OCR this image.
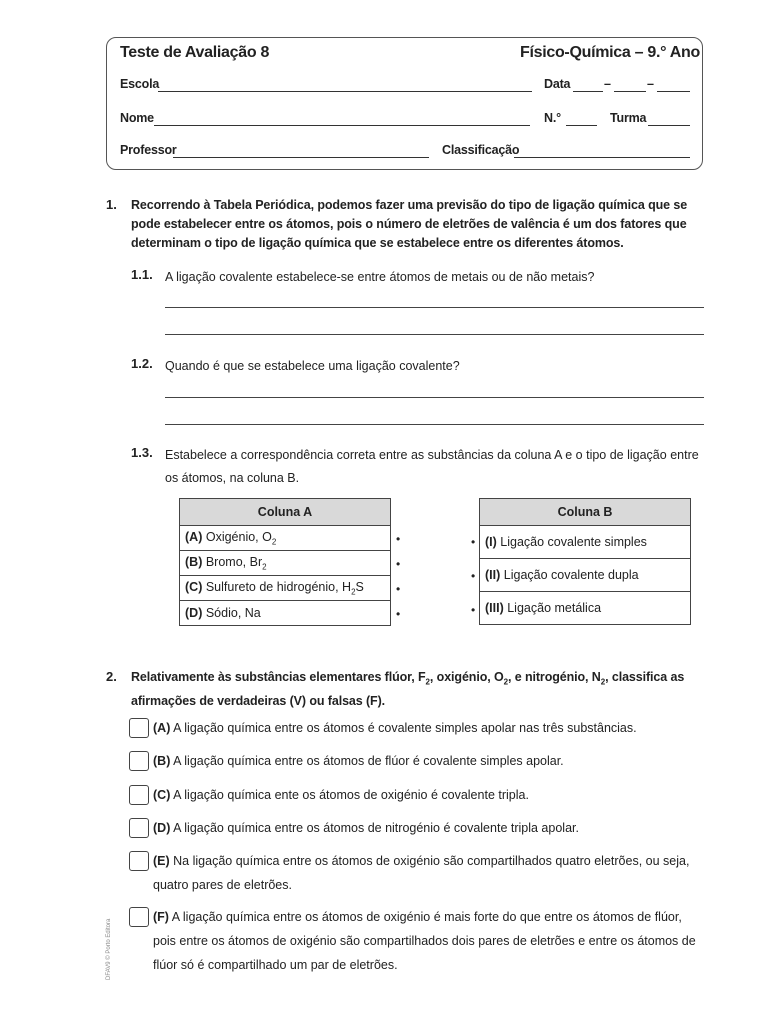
Teste de Avaliação 8	Físico-Química – 9.° Ano
Escola	Data	–	–
Nome	N.°	Turma
Professor	Classificação
1. Recorrendo à Tabela Periódica, podemos fazer uma previsão do tipo de ligação química que se pode estabelecer entre os átomos, pois o número de eletrões de valência é um dos fatores que determinam o tipo de ligação química que se estabelece entre os diferentes átomos.
1.1. A ligação covalente estabelece-se entre átomos de metais ou de não metais?
1.2. Quando é que se estabelece uma ligação covalente?
1.3. Estabelece a correspondência correta entre as substâncias da coluna A e o tipo de ligação entre os átomos, na coluna B.
Coluna A
(A) Oxigénio, $O_2$
(B) Bromo, $Br_2$
(C) Sulfureto de hidrogénio, $H_2S$
(D) Sódio, Na
•
•
•
•
Coluna B
(I) Ligação covalente simples
(II) Ligação covalente dupla
(III) Ligação metálica
•
•
•
2. Relativamente às substâncias elementares flúor, $F_2$, oxigénio, $O_2$, e nitrogénio, $N_2$, classifica as afirmações de verdadeiras (V) ou falsas (F).
(A) A ligação química entre os átomos é covalente simples apolar nas três substâncias.
(B) A ligação química entre os átomos de flúor é covalente simples apolar.
(C) A ligação química ente os átomos de oxigénio é covalente tripla.
(D) A ligação química entre os átomos de nitrogénio é covalente tripla apolar.
(E) Na ligação química entre os átomos de oxigénio são compartilhados quatro eletrões, ou seja, quatro pares de eletrões.
(F) A ligação química entre os átomos de oxigénio é mais forte do que entre os átomos de flúor, pois entre os átomos de oxigénio são compartilhados dois pares de eletrões e entre os átomos de flúor só é compartilhado um par de eletrões.
DFAV9 © Porto Editora
